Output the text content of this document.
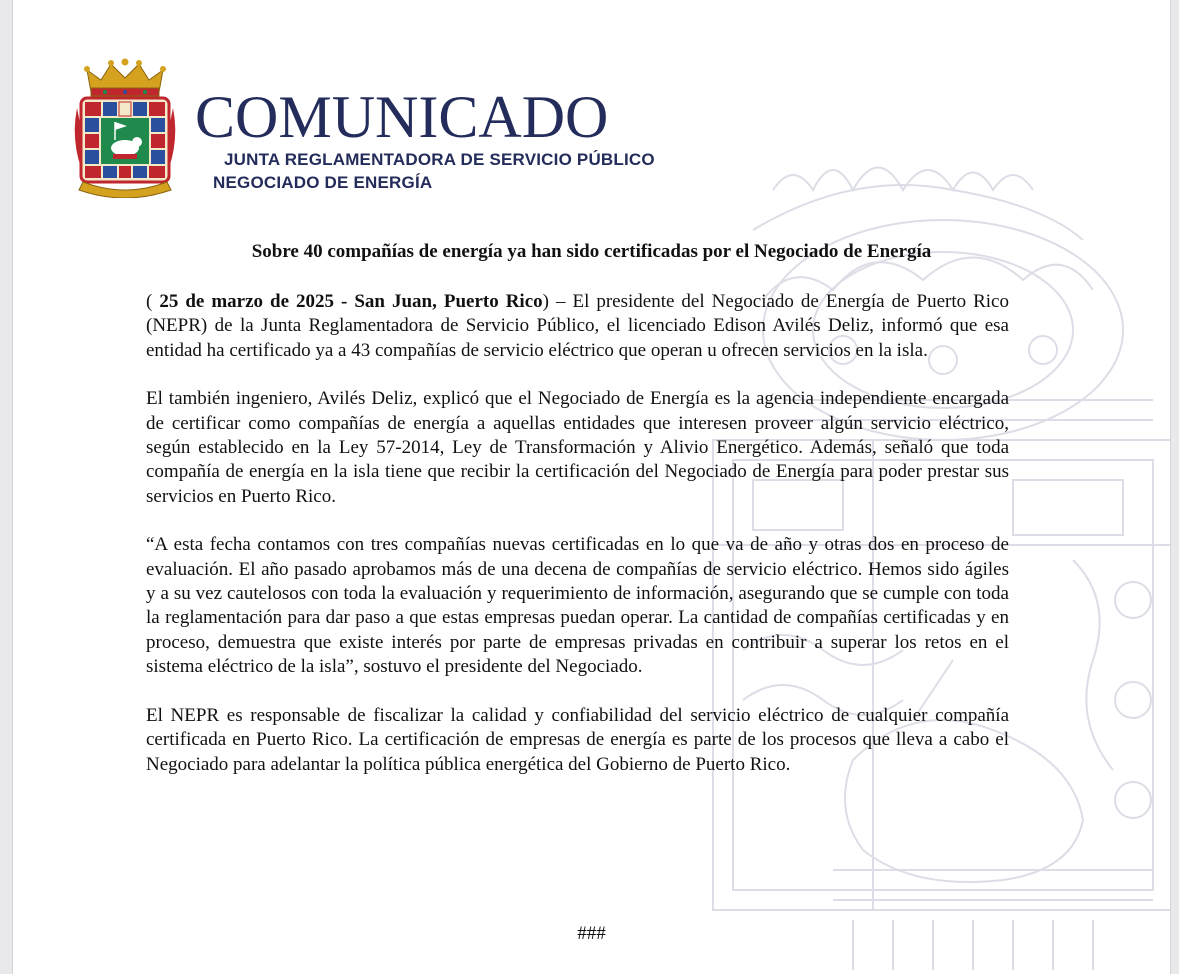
COMUNICADO
JUNTA REGLAMENTADORA DE SERVICIO PÚBLICO
NEGOCIADO DE ENERGÍA
Sobre 40 compañías de energía ya han sido certificadas por el Negociado de Energía

( 25 de marzo de 2025 - San Juan, Puerto Rico) – El presidente del Negociado de Energía de Puerto Rico (NEPR) de la Junta Reglamentadora de Servicio Público, el licenciado Edison Avilés Deliz, informó que esa entidad ha certificado ya a 43 compañías de servicio eléctrico que operan u ofrecen servicios en la isla.

El también ingeniero, Avilés Deliz, explicó que el Negociado de Energía es la agencia independiente encargada de certificar como compañías de energía a aquellas entidades que interesen proveer algún servicio eléctrico, según establecido en la Ley 57-2014, Ley de Transformación y Alivio Energético. Además, señaló que toda compañía de energía en la isla tiene que recibir la certificación del Negociado de Energía para poder prestar sus servicios en Puerto Rico.

“A esta fecha contamos con tres compañías nuevas certificadas en lo que va de año y otras dos en proceso de evaluación. El año pasado aprobamos más de una decena de compañías de servicio eléctrico. Hemos sido ágiles y a su vez cautelosos con toda la evaluación y requerimiento de información, asegurando que se cumple con toda la reglamentación para dar paso a que estas empresas puedan operar. La cantidad de compañías certificadas y en proceso, demuestra que existe interés por parte de empresas privadas en contribuir a superar los retos en el sistema eléctrico de la isla”, sostuvo el presidente del Negociado.

El NEPR es responsable de fiscalizar la calidad y confiabilidad del servicio eléctrico de cualquier compañía certificada en Puerto Rico. La certificación de empresas de energía es parte de los procesos que lleva a cabo el Negociado para adelantar la política pública energética del Gobierno de Puerto Rico.

###
